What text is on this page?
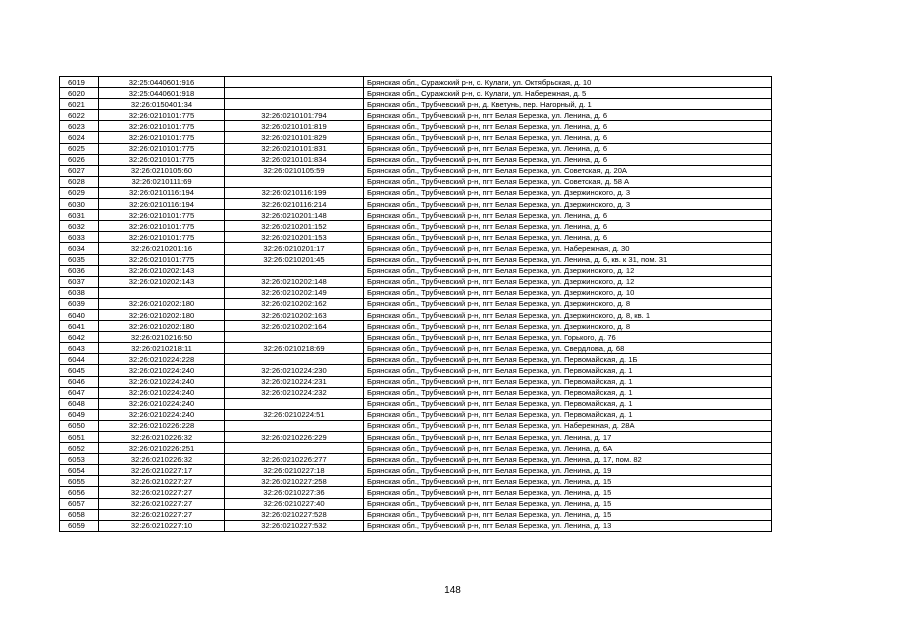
6019	32:25:0440601:916		Брянская обл., Суражский р-н, с. Кулаги, ул. Октябрьская, д. 10
6020	32:25:0440601:918		Брянская обл., Суражский р-н, с. Кулаги, ул. Набережная, д. 5
6021	32:26:0150401:34		Брянская обл., Трубчевский р-н, д. Кветунь, пер. Нагорный, д. 1
6022	32:26:0210101:775	32:26:0210101:794	Брянская обл., Трубчевский р-н, пгт Белая Березка, ул. Ленина, д. 6
6023	32:26:0210101:775	32:26:0210101:819	Брянская обл., Трубчевский р-н, пгт Белая Березка, ул. Ленина, д. 6
6024	32:26:0210101:775	32:26:0210101:829	Брянская обл., Трубчевский р-н, пгт Белая Березка, ул. Ленина, д. 6
6025	32:26:0210101:775	32:26:0210101:831	Брянская обл., Трубчевский р-н, пгт Белая Березка, ул. Ленина, д. 6
6026	32:26:0210101:775	32:26:0210101:834	Брянская обл., Трубчевский р-н, пгт Белая Березка, ул. Ленина, д. 6
6027	32:26:0210105:60	32:26:0210105:59	Брянская обл., Трубчевский р-н, пгт Белая Березка, ул. Советская, д. 20А
6028	32:26:0210111:69		Брянская обл., Трубчевский р-н, пгт Белая Березка, ул. Советская, д. 58 А
6029	32:26:0210116:194	32:26:0210116:199	Брянская обл., Трубчевский р-н, пгт Белая Березка, ул. Дзержинского, д. 3
6030	32:26:0210116:194	32:26:0210116:214	Брянская обл., Трубчевский р-н, пгт Белая Березка, ул. Дзержинского, д. 3
6031	32:26:0210101:775	32:26:0210201:148	Брянская обл., Трубчевский р-н, пгт Белая Березка, ул. Ленина, д. 6
6032	32:26:0210101:775	32:26:0210201:152	Брянская обл., Трубчевский р-н, пгт Белая Березка, ул. Ленина, д. 6
6033	32:26:0210101:775	32:26:0210201:153	Брянская обл., Трубчевский р-н, пгт Белая Березка, ул. Ленина, д. 6
6034	32:26:0210201:16	32:26:0210201:17	Брянская обл., Трубчевский р-н, пгт Белая Березка, ул. Набережная, д. 30
6035	32:26:0210101:775	32:26:0210201:45	Брянская обл., Трубчевский р-н, пгт Белая Березка, ул. Ленина, д. 6, кв. к 31, пом. 31
6036	32:26:0210202:143		Брянская обл., Трубчевский р-н, пгт Белая Березка, ул. Дзержинского, д. 12
6037	32:26:0210202:143	32:26:0210202:148	Брянская обл., Трубчевский р-н, пгт Белая Березка, ул. Дзержинского, д. 12
6038		32:26:0210202:149	Брянская обл., Трубчевский р-н, пгт Белая Березка, ул. Дзержинского, д. 10
6039	32:26:0210202:180	32:26:0210202:162	Брянская обл., Трубчевский р-н, пгт Белая Березка, ул. Дзержинского, д. 8
6040	32:26:0210202:180	32:26:0210202:163	Брянская обл., Трубчевский р-н, пгт Белая Березка, ул. Дзержинского, д. 8, кв. 1
6041	32:26:0210202:180	32:26:0210202:164	Брянская обл., Трубчевский р-н, пгт Белая Березка, ул. Дзержинского, д. 8
6042	32:26:0210216:50		Брянская обл., Трубчевский р-н, пгт Белая Березка, ул. Горького, д. 76
6043	32:26:0210218:11	32:26:0210218:69	Брянская обл., Трубчевский р-н, пгт Белая Березка, ул. Свердлова, д. 68
6044	32:26:0210224:228		Брянская обл., Трубчевский р-н, пгт Белая Березка, ул. Первомайская, д. 1Б
6045	32:26:0210224:240	32:26:0210224:230	Брянская обл., Трубчевский р-н, пгт Белая Березка, ул. Первомайская, д. 1
6046	32:26:0210224:240	32:26:0210224:231	Брянская обл., Трубчевский р-н, пгт Белая Березка, ул. Первомайская, д. 1
6047	32:26:0210224:240	32:26:0210224:232	Брянская обл., Трубчевский р-н, пгт Белая Березка, ул. Первомайская, д. 1
6048	32:26:0210224:240		Брянская обл., Трубчевский р-н, пгт Белая Березка, ул. Первомайская, д. 1
6049	32:26:0210224:240	32:26:0210224:51	Брянская обл., Трубчевский р-н, пгт Белая Березка, ул. Первомайская, д. 1
6050	32:26:0210226:228		Брянская обл., Трубчевский р-н, пгт Белая Березка, ул. Набережная, д. 28А
6051	32:26:0210226:32	32:26:0210226:229	Брянская обл., Трубчевский р-н, пгт Белая Березка, ул. Ленина, д. 17
6052	32:26:0210226:251		Брянская обл., Трубчевский р-н, пгт Белая Березка, ул. Ленина, д. 6А
6053	32:26:0210226:32	32:26:0210226:277	Брянская обл., Трубчевский р-н, пгт Белая Березка, ул. Ленина, д. 17, пом. 82
6054	32:26:0210227:17	32:26:0210227:18	Брянская обл., Трубчевский р-н, пгт Белая Березка, ул. Ленина, д. 19
6055	32:26:0210227:27	32:26:0210227:258	Брянская обл., Трубчевский р-н, пгт Белая Березка, ул. Ленина, д. 15
6056	32:26:0210227:27	32:26:0210227:36	Брянская обл., Трубчевский р-н, пгт Белая Березка, ул. Ленина, д. 15
6057	32:26:0210227:27	32:26:0210227:40	Брянская обл., Трубчевский р-н, пгт Белая Березка, ул. Ленина, д. 15
6058	32:26:0210227:27	32:26:0210227:528	Брянская обл., Трубчевский р-н, пгт Белая Березка, ул. Ленина, д. 15
6059	32:26:0210227:10	32:26:0210227:532	Брянская обл., Трубчевский р-н, пгт Белая Березка, ул. Ленина, д. 13
148
